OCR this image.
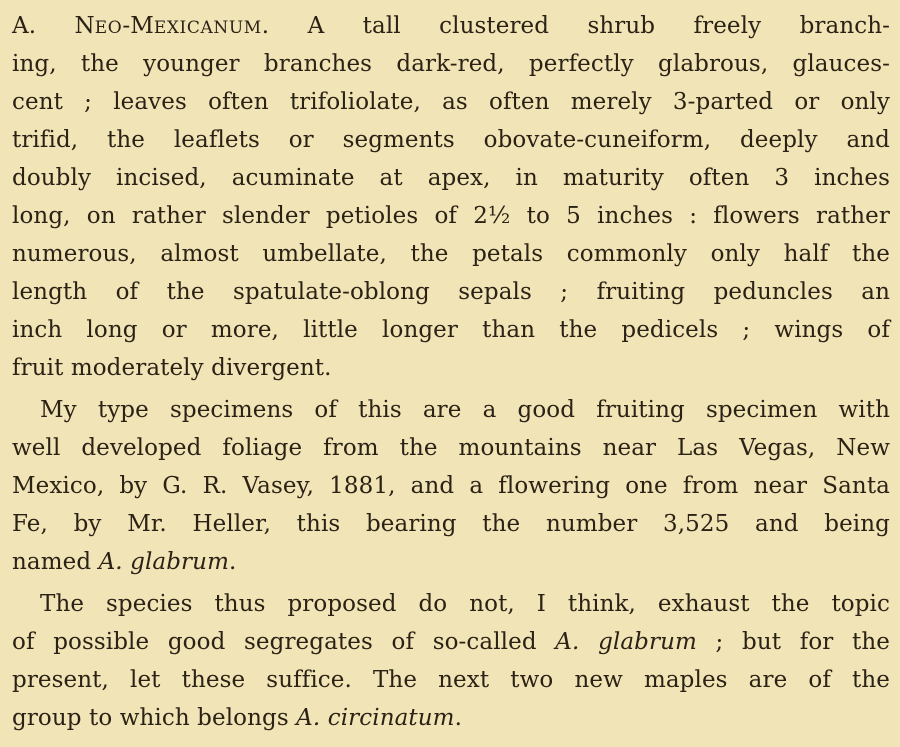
A. NEO-MEXICANUM. A tall clustered shrub freely branch-
ing, the younger branches dark-red, perfectly glabrous, glauces-
cent ; leaves often trifoliolate, as often merely 3-parted or only
trifid, the leaflets or segments obovate-cuneiform, deeply and
doubly incised, acuminate at apex, in maturity often 3 inches
long, on rather slender petioles of 2½ to 5 inches : flowers rather
numerous, almost umbellate, the petals commonly only half the
length of the spatulate-oblong sepals ; fruiting peduncles an
inch long or more, little longer than the pedicels ; wings of
fruit moderately divergent.
My type specimens of this are a good fruiting specimen with
well developed foliage from the mountains near Las Vegas, New
Mexico, by G. R. Vasey, 1881, and a flowering one from near Santa
Fe, by Mr. Heller, this bearing the number 3,525 and being
named A. glabrum.
The species thus proposed do not, I think, exhaust the topic
of possible good segregates of so-called A. glabrum ; but for the
present, let these suffice. The next two new maples are of the
group to which belongs A. circinatum.
